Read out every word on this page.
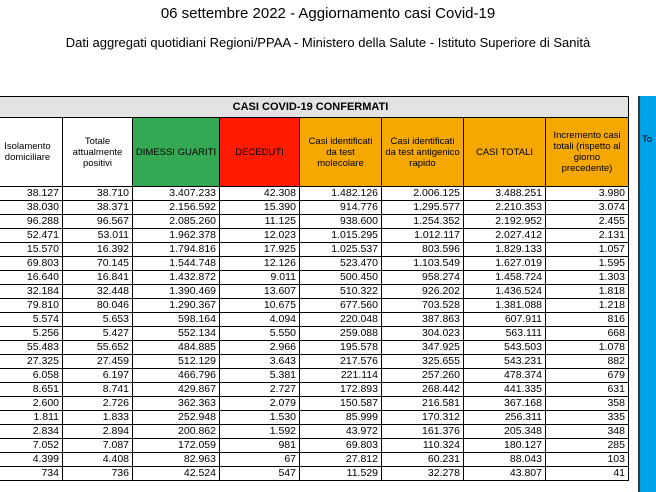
06 settembre 2022 - Aggiornamento casi Covid-19
Dati aggregati quotidiani Regioni/PPAA - Ministero della Salute - Istituto Superiore di Sanità
CASI COVID-19 CONFERMATI							
Isolamento domiciliare	Totale attualmente positivi	DIMESSI GUARITI	DECEDUTI	Casi identificati da test molecolare	Casi identificati da test antigenico rapido	CASI TOTALI	Incremento casi totali (rispetto al giorno precedente)
38.127	38.710	3.407.233	42.308	1.482.126	2.006.125	3.488.251	3.980
38.030	38.371	2.156.592	15.390	914.776	1.295.577	2.210.353	3.074
96.288	96.567	2.085.260	11.125	938.600	1.254.352	2.192.952	2.455
52.471	53.011	1.962.378	12.023	1.015.295	1.012.117	2.027.412	2.131
15.570	16.392	1.794.816	17.925	1.025.537	803.596	1.829.133	1.057
69.803	70.145	1.544.748	12.126	523.470	1.103.549	1.627.019	1.595
16.640	16.841	1.432.872	9.011	500.450	958.274	1.458.724	1.303
32.184	32.448	1.390.469	13.607	510.322	926.202	1.436.524	1.818
79.810	80.046	1.290.367	10.675	677.560	703.528	1.381.088	1.218
5.574	5.653	598.164	4.094	220.048	387.863	607.911	816
5.256	5.427	552.134	5.550	259.088	304.023	563.111	668
55.483	55.652	484.885	2.966	195.578	347.925	543.503	1.078
27.325	27.459	512.129	3.643	217.576	325.655	543.231	882
6.058	6.197	466.796	5.381	221.114	257.260	478.374	679
8.651	8.741	429.867	2.727	172.893	268.442	441.335	631
2.600	2.726	362.363	2.079	150.587	216.581	367.168	358
1.811	1.833	252.948	1.530	85.999	170.312	256.311	335
2.834	2.894	200.862	1.592	43.972	161.376	205.348	348
7.052	7.087	172.059	981	69.803	110.324	180.127	285
4.399	4.408	82.963	67	27.812	60.231	88.043	103
734	736	42.524	547	11.529	32.278	43.807	41
To
